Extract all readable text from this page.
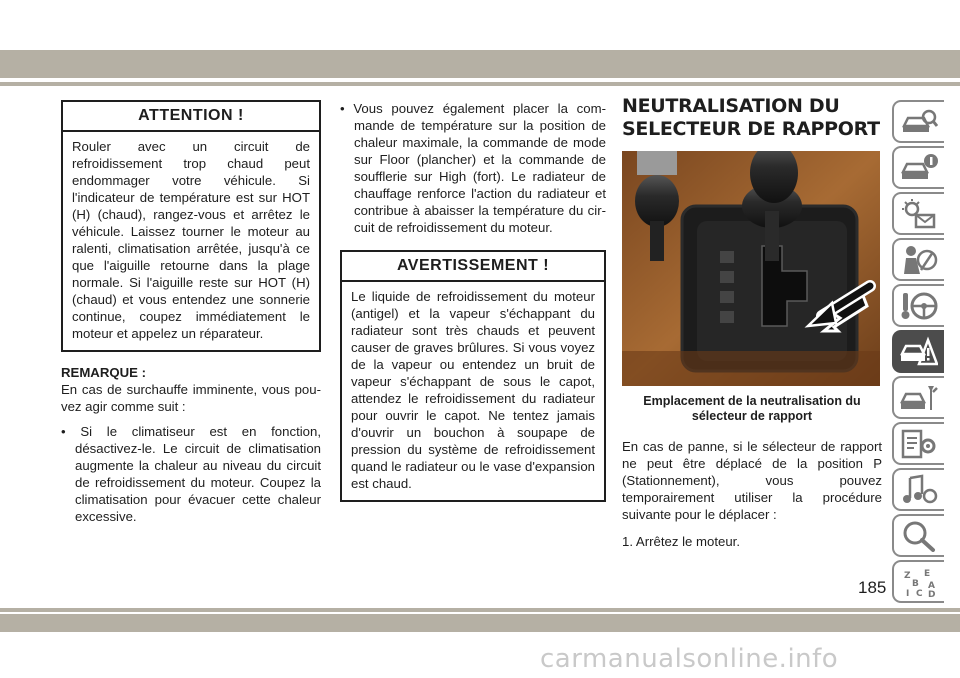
ATTENTION !
Rouler avec un circuit de refroidissement trop chaud peut endommager votre véhicule. Si l'indicateur de température est sur HOT (H) (chaud), rangez-vous et arrêtez le véhicule. Laissez tourner le moteur au ralenti, climatisation arrêtée, jusqu'à ce que l'aiguille retourne dans la plage normale. Si l'aiguille reste sur HOT (H) (chaud) et vous entendez une sonnerie continue, coupez immédiatement le moteur et appelez un réparateur.

REMARQUE :

En cas de surchauffe imminente, vous pouvez agir comme suit :

• Si le climatiseur est en fonction, désactivez-le. Le circuit de climatisation augmente la chaleur au niveau du circuit de refroidissement du moteur. Coupez la climatisation pour évacuer cette chaleur excessive.

• Vous pouvez également placer la commande de température sur la position de chaleur maximale, la commande de mode sur Floor (plancher) et la commande de soufflerie sur High (fort). Le radiateur de chauffage renforce l'action du radiateur et contribue à abaisser la température du circuit de refroidissement du moteur.

AVERTISSEMENT !
Le liquide de refroidissement du moteur (antigel) et la vapeur s'échappant du radiateur sont très chauds et peuvent causer de graves brûlures. Si vous voyez de la vapeur ou entendez un bruit de vapeur s'échappant de sous le capot, attendez le refroidissement du radiateur pour ouvrir le capot. Ne tentez jamais d'ouvrir un bouchon à soupape de pression du système de refroidissement quand le radiateur ou le vase d'expansion est chaud.
NEUTRALISATION DU
SELECTEUR DE RAPPORT
Emplacement de la neutralisation du
sélecteur de rapport

En cas de panne, si le sélecteur de rapport ne peut être déplacé de la position P (Stationnement), vous pouvez temporairement utiliser la procédure suivante pour le déplacer :

1. Arrêtez le moteur.

Z E
B A
I C D
185
carmanualsonline.info
